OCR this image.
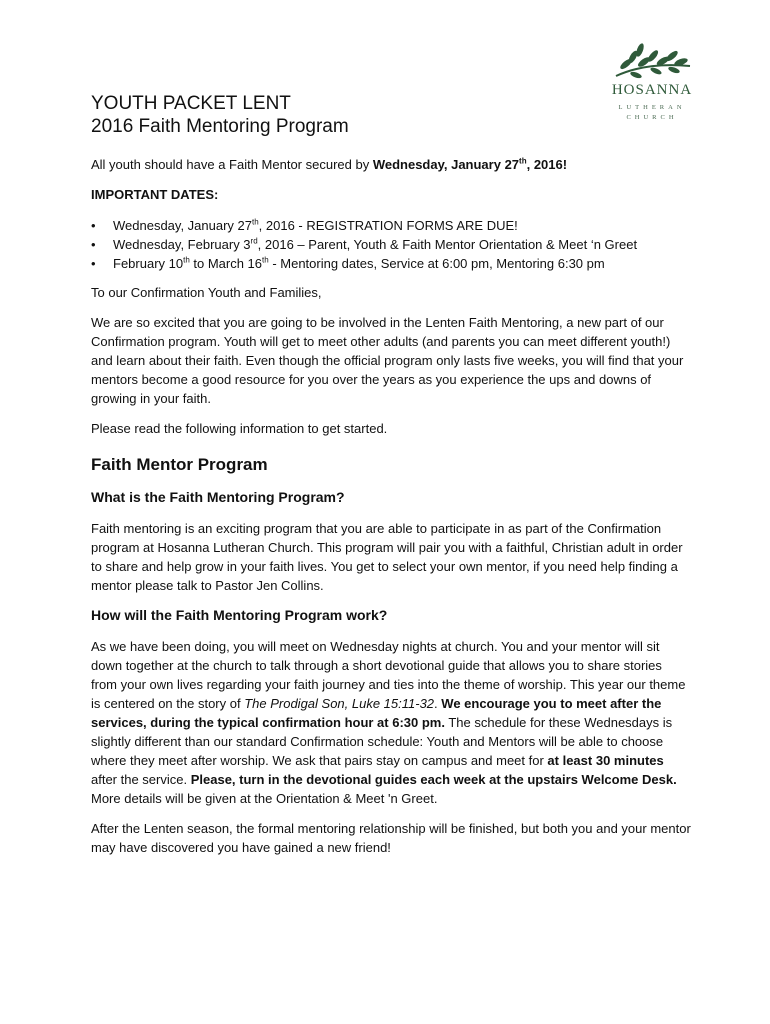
HOSANNA
LUTHERAN
CHURCH
YOUTH PACKET LENT
2016 Faith Mentoring Program

All youth should have a Faith Mentor secured by Wednesday, January 27th, 2016!

IMPORTANT DATES:

• Wednesday, January 27th, 2016 - REGISTRATION FORMS ARE DUE!
• Wednesday, February 3rd, 2016 – Parent, Youth & Faith Mentor Orientation & Meet ‘n Greet
• February 10th to March 16th - Mentoring dates, Service at 6:00 pm, Mentoring 6:30 pm

To our Confirmation Youth and Families,

We are so excited that you are going to be involved in the Lenten Faith Mentoring, a new part of our Confirmation program. Youth will get to meet other adults (and parents you can meet different youth!) and learn about their faith. Even though the official program only lasts five weeks, you will find that your mentors become a good resource for you over the years as you experience the ups and downs of growing in your faith.

Please read the following information to get started.

Faith Mentor Program
What is the Faith Mentoring Program?

Faith mentoring is an exciting program that you are able to participate in as part of the Confirmation program at Hosanna Lutheran Church. This program will pair you with a faithful, Christian adult in order to share and help grow in your faith lives. You get to select your own mentor, if you need help finding a mentor please talk to Pastor Jen Collins.

How will the Faith Mentoring Program work?

As we have been doing, you will meet on Wednesday nights at church. You and your mentor will sit down together at the church to talk through a short devotional guide that allows you to share stories from your own lives regarding your faith journey and ties into the theme of worship. This year our theme is centered on the story of The Prodigal Son, Luke 15:11-32. We encourage you to meet after the services, during the typical confirmation hour at 6:30 pm. The schedule for these Wednesdays is slightly different than our standard Confirmation schedule: Youth and Mentors will be able to choose where they meet after worship. We ask that pairs stay on campus and meet for at least 30 minutes after the service. Please, turn in the devotional guides each week at the upstairs Welcome Desk. More details will be given at the Orientation & Meet 'n Greet.

After the Lenten season, the formal mentoring relationship will be finished, but both you and your mentor may have discovered you have gained a new friend!
